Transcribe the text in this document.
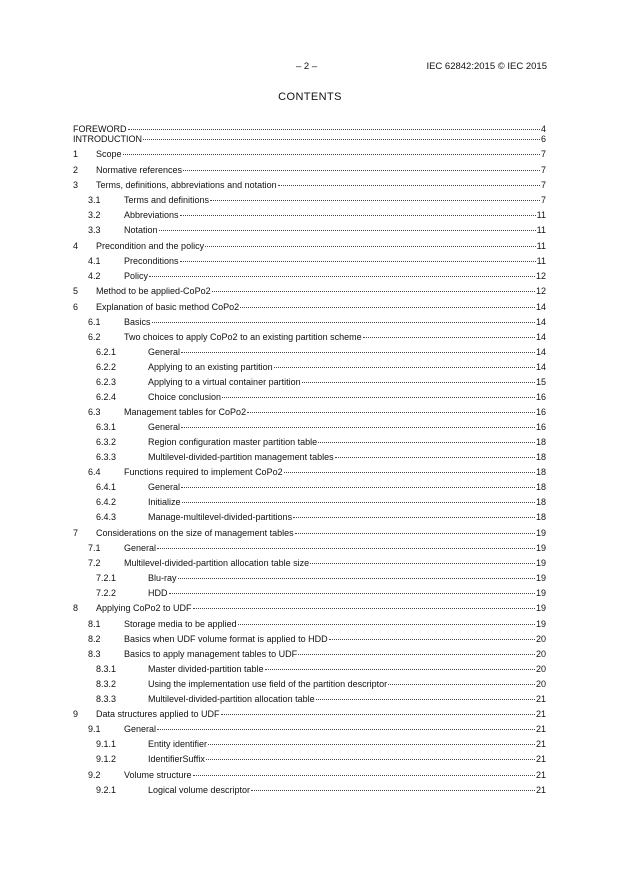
– 2 –	IEC 62842:2015 © IEC 2015
CONTENTS
FOREWORD	4
INTRODUCTION	6
1	Scope	7
2	Normative references	7
3	Terms, definitions, abbreviations and notation	7
3.1	Terms and definitions	7
3.2	Abbreviations	11
3.3	Notation	11
4	Precondition and the policy	11
4.1	Preconditions	11
4.2	Policy	12
5	Method to be applied-CoPo2	12
6	Explanation of basic method CoPo2	14
6.1	Basics	14
6.2	Two choices to apply CoPo2 to an existing partition scheme	14
6.2.1	General	14
6.2.2	Applying to an existing partition	14
6.2.3	Applying to a virtual container partition	15
6.2.4	Choice conclusion	16
6.3	Management tables for CoPo2	16
6.3.1	General	16
6.3.2	Region configuration master partition table	18
6.3.3	Multilevel-divided-partition management tables	18
6.4	Functions required to implement CoPo2	18
6.4.1	General	18
6.4.2	Initialize	18
6.4.3	Manage-multilevel-divided-partitions	18
7	Considerations on the size of management tables	19
7.1	General	19
7.2	Multilevel-divided-partition allocation table size	19
7.2.1	Blu-ray	19
7.2.2	HDD	19
8	Applying CoPo2 to UDF	19
8.1	Storage media to be applied	19
8.2	Basics when UDF volume format is applied to HDD	20
8.3	Basics to apply management tables to UDF	20
8.3.1	Master divided-partition table	20
8.3.2	Using the implementation use field of the partition descriptor	20
8.3.3	Multilevel-divided-partition allocation table	21
9	Data structures applied to UDF	21
9.1	General	21
9.1.1	Entity identifier	21
9.1.2	IdentifierSuffix	21
9.2	Volume structure	21
9.2.1	Logical volume descriptor	21
